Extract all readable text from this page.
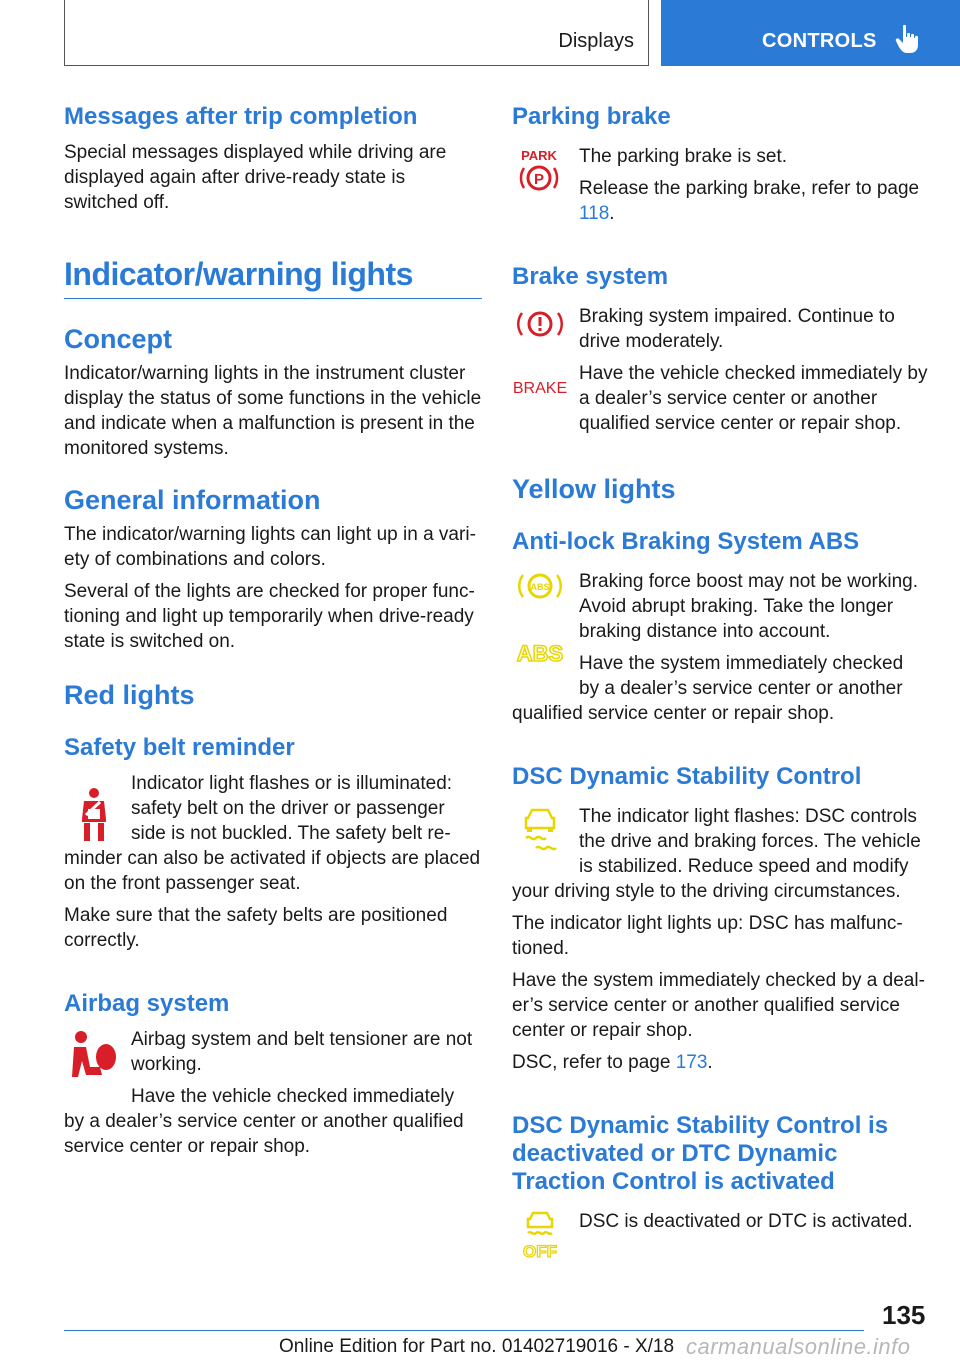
Displays	CONTROLS
Messages after trip completion

Special messages displayed while driving are displayed again after drive-ready state is switched off.

Indicator/warning lights
Concept

Indicator/warning lights in the instrument cluster display the status of some functions in the vehicle and indicate when a malfunction is present in the monitored systems.

General information

The indicator/warning lights can light up in a variety of combinations and colors.

Several of the lights are checked for proper functioning and light up temporarily when drive-ready state is switched on.

Red lights
Safety belt reminder

Indicator light flashes or is illuminated: safety belt on the driver or passenger side is not buckled. The safety belt re-

minder can also be activated if objects are placed on the front passenger seat.

Make sure that the safety belts are positioned correctly.

Airbag system

Airbag system and belt tensioner are not working.

Have the vehicle checked immediately

by a dealer’s service center or another qualified service center or repair shop.

Parking brake
PARK
P

The parking brake is set.

Release the parking brake, refer to page 118.

Brake system
BRAKE

Braking system impaired. Continue to drive moderately.

Have the vehicle checked immediately by a dealer’s service center or another qualified service center or repair shop.

Yellow lights
Anti-lock Braking System ABS
ABS
ABS

Braking force boost may not be working. Avoid abrupt braking. Take the longer braking distance into account.

Have the system immediately checked by a dealer’s service center or another

qualified service center or repair shop.

DSC Dynamic Stability Control

The indicator light flashes: DSC controls the drive and braking forces. The vehicle is stabilized. Reduce speed and modify

your driving style to the driving circumstances.

The indicator light lights up: DSC has malfunctioned.

Have the system immediately checked by a dealer’s service center or another qualified service center or repair shop.

DSC, refer to page 173.

DSC Dynamic Stability Control is deactivated or DTC Dynamic Traction Control is activated
OFF

DSC is deactivated or DTC is activated.

135
Online Edition for Part no. 01402719016 - X/18 carmanualsonline.info
